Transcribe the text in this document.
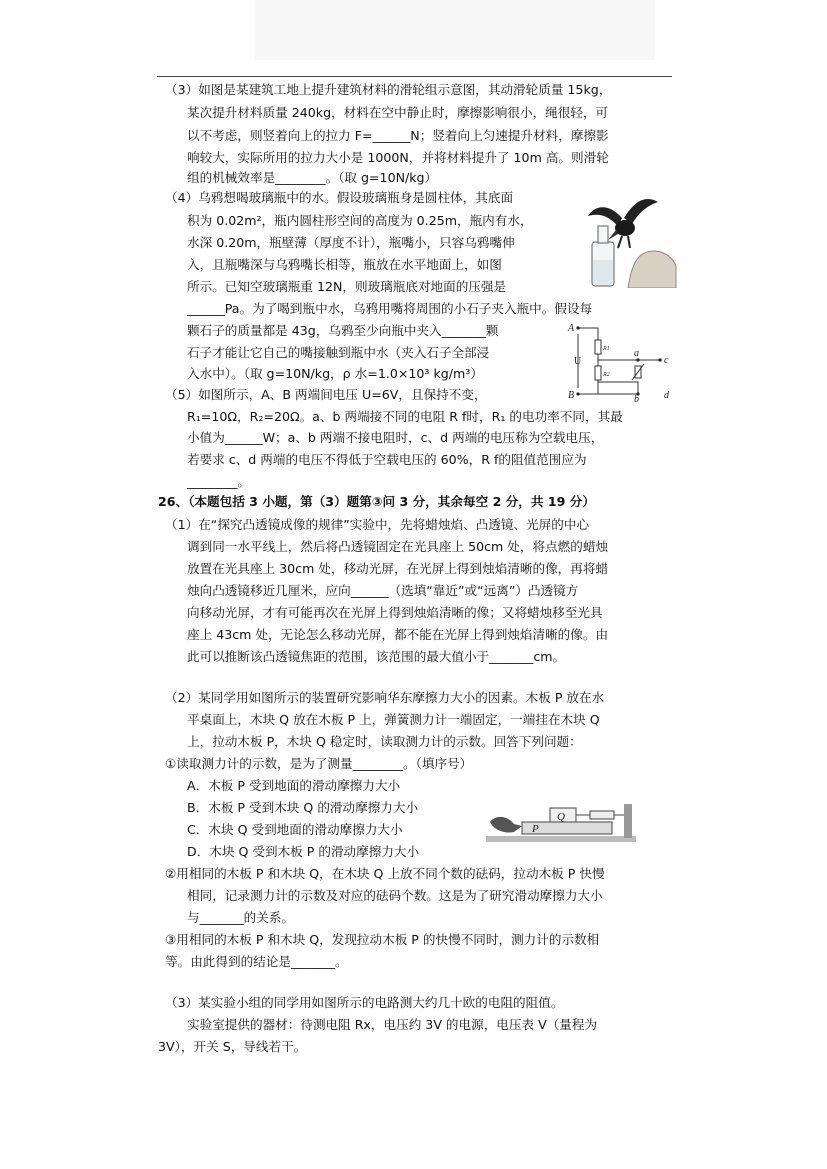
（3）如图是某建筑工地上提升建筑材料的滑轮组示意图，其动滑轮质量 15kg，
某次提升材料质量 240kg，材料在空中静止时，摩擦影响很小，绳很轻，可
以不考虑，则竖着向上的拉力 F=______N；竖着向上匀速提升材料，摩擦影
响较大，实际所用的拉力大小是 1000N，并将材料提升了 10m 高。则滑轮
组的机械效率是________。（取 g=10N/kg）
（4）乌鸦想喝玻璃瓶中的水。假设玻璃瓶身是圆柱体，其底面
积为 0.02m²，瓶内圆柱形空间的高度为 0.25m，瓶内有水，
水深 0.20m，瓶壁薄（厚度不计），瓶嘴小，只容乌鸦嘴伸
入，且瓶嘴深与乌鸦嘴长相等，瓶放在水平地面上，如图
所示。已知空玻璃瓶重 12N，则玻璃瓶底对地面的压强是
______Pa。为了喝到瓶中水，乌鸦用嘴将周围的小石子夹入瓶中。假设每
颗石子的质量都是 43g，乌鸦至少向瓶中夹入_______颗
石子才能让它自己的嘴接触到瓶中水（夹入石子全部浸
入水中）。（取 g=10N/kg，ρ 水=1.0×10³ kg/m³）
A
B
U
R1
R2
a
b
c
d
（5）如图所示，A、B 两端间电压 U=6V，且保持不变，
R₁=10Ω，R₂=20Ω。a、b 两端接不同的电阻 R f时，R₁ 的电功率不同，其最
小值为______W；a、b 两端不接电阻时，c、d 两端的电压称为空载电压，
若要求 c、d 两端的电压不得低于空载电压的 60%，R f的阻值范围应为
________。
26、（本题包括 3 小题，第（3）题第③问 3 分，其余每空 2 分，共 19 分）
（1）在“探究凸透镜成像的规律”实验中，先将蜡烛焰、凸透镜、光屏的中心
调到同一水平线上，然后将凸透镜固定在光具座上 50cm 处，将点燃的蜡烛
放置在光具座上 30cm 处，移动光屏，在光屏上得到烛焰清晰的像，再将蜡
烛向凸透镜移近几厘米，应向______（选填“靠近”或“远离”）凸透镜方
向移动光屏，才有可能再次在光屏上得到烛焰清晰的像；又将蜡烛移至光具
座上 43cm 处，无论怎么移动光屏，都不能在光屏上得到烛焰清晰的像。由
此可以推断该凸透镜焦距的范围，该范围的最大值小于_______cm。
（2）某同学用如图所示的装置研究影响华东摩擦力大小的因素。木板 P 放在水
平桌面上，木块 Q 放在木板 P 上，弹簧测力计一端固定，一端挂在木块 Q
上，拉动木板 P，木块 Q 稳定时，读取测力计的示数。回答下列问题：
①读取测力计的示数，是为了测量________。（填序号）
A．木板 P 受到地面的滑动摩擦力大小
B．木板 P 受到木块 Q 的滑动摩擦力大小
C．木块 Q 受到地面的滑动摩擦力大小
D．木块 Q 受到木板 P 的滑动摩擦力大小
P
Q
②用相同的木板 P 和木块 Q，在木块 Q 上放不同个数的砝码，拉动木板 P 快慢
相同，记录测力计的示数及对应的砝码个数。这是为了研究滑动摩擦力大小
与_______的关系。
③用相同的木板 P 和木块 Q，发现拉动木板 P 的快慢不同时，测力计的示数相
等。由此得到的结论是_______。
（3）某实验小组的同学用如图所示的电路测大约几十欧的电阻的阻值。
实验室提供的器材：待测电阻 Rx，电压约 3V 的电源，电压表 V（量程为
3V），开关 S，导线若干。
